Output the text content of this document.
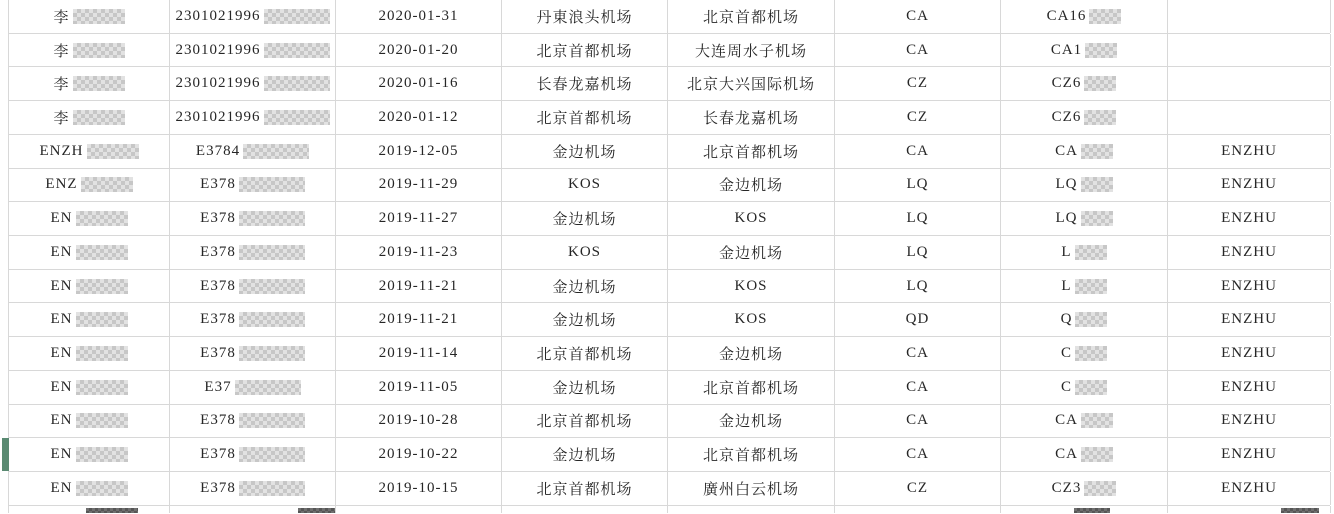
李	2301021996	2020-01-31	丹東浪头机场	北京首都机场	CA	CA16
李	2301021996	2020-01-20	北京首都机场	大连周水子机场	CA	CA1
李	2301021996	2020-01-16	长春龙嘉机场	北京大兴国际机场	CZ	CZ6
李	2301021996	2020-01-12	北京首都机场	长春龙嘉机场	CZ	CZ6
ENZH	E3784	2019-12-05	金边机场	北京首都机场	CA	CA	ENZHU
ENZ	E378	2019-11-29	KOS	金边机场	LQ	LQ	ENZHU
EN	E378	2019-11-27	金边机场	KOS	LQ	LQ	ENZHU
EN	E378	2019-11-23	KOS	金边机场	LQ	L	ENZHU
EN	E378	2019-11-21	金边机场	KOS	LQ	L	ENZHU
EN	E378	2019-11-21	金边机场	KOS	QD	Q	ENZHU
EN	E378	2019-11-14	北京首都机场	金边机场	CA	C	ENZHU
EN	E37	2019-11-05	金边机场	北京首都机场	CA	C	ENZHU
EN	E378	2019-10-28	北京首都机场	金边机场	CA	CA	ENZHU
EN	E378	2019-10-22	金边机场	北京首都机场	CA	CA	ENZHU
EN	E378	2019-10-15	北京首都机场	廣州白云机场	CZ	CZ3	ENZHU
